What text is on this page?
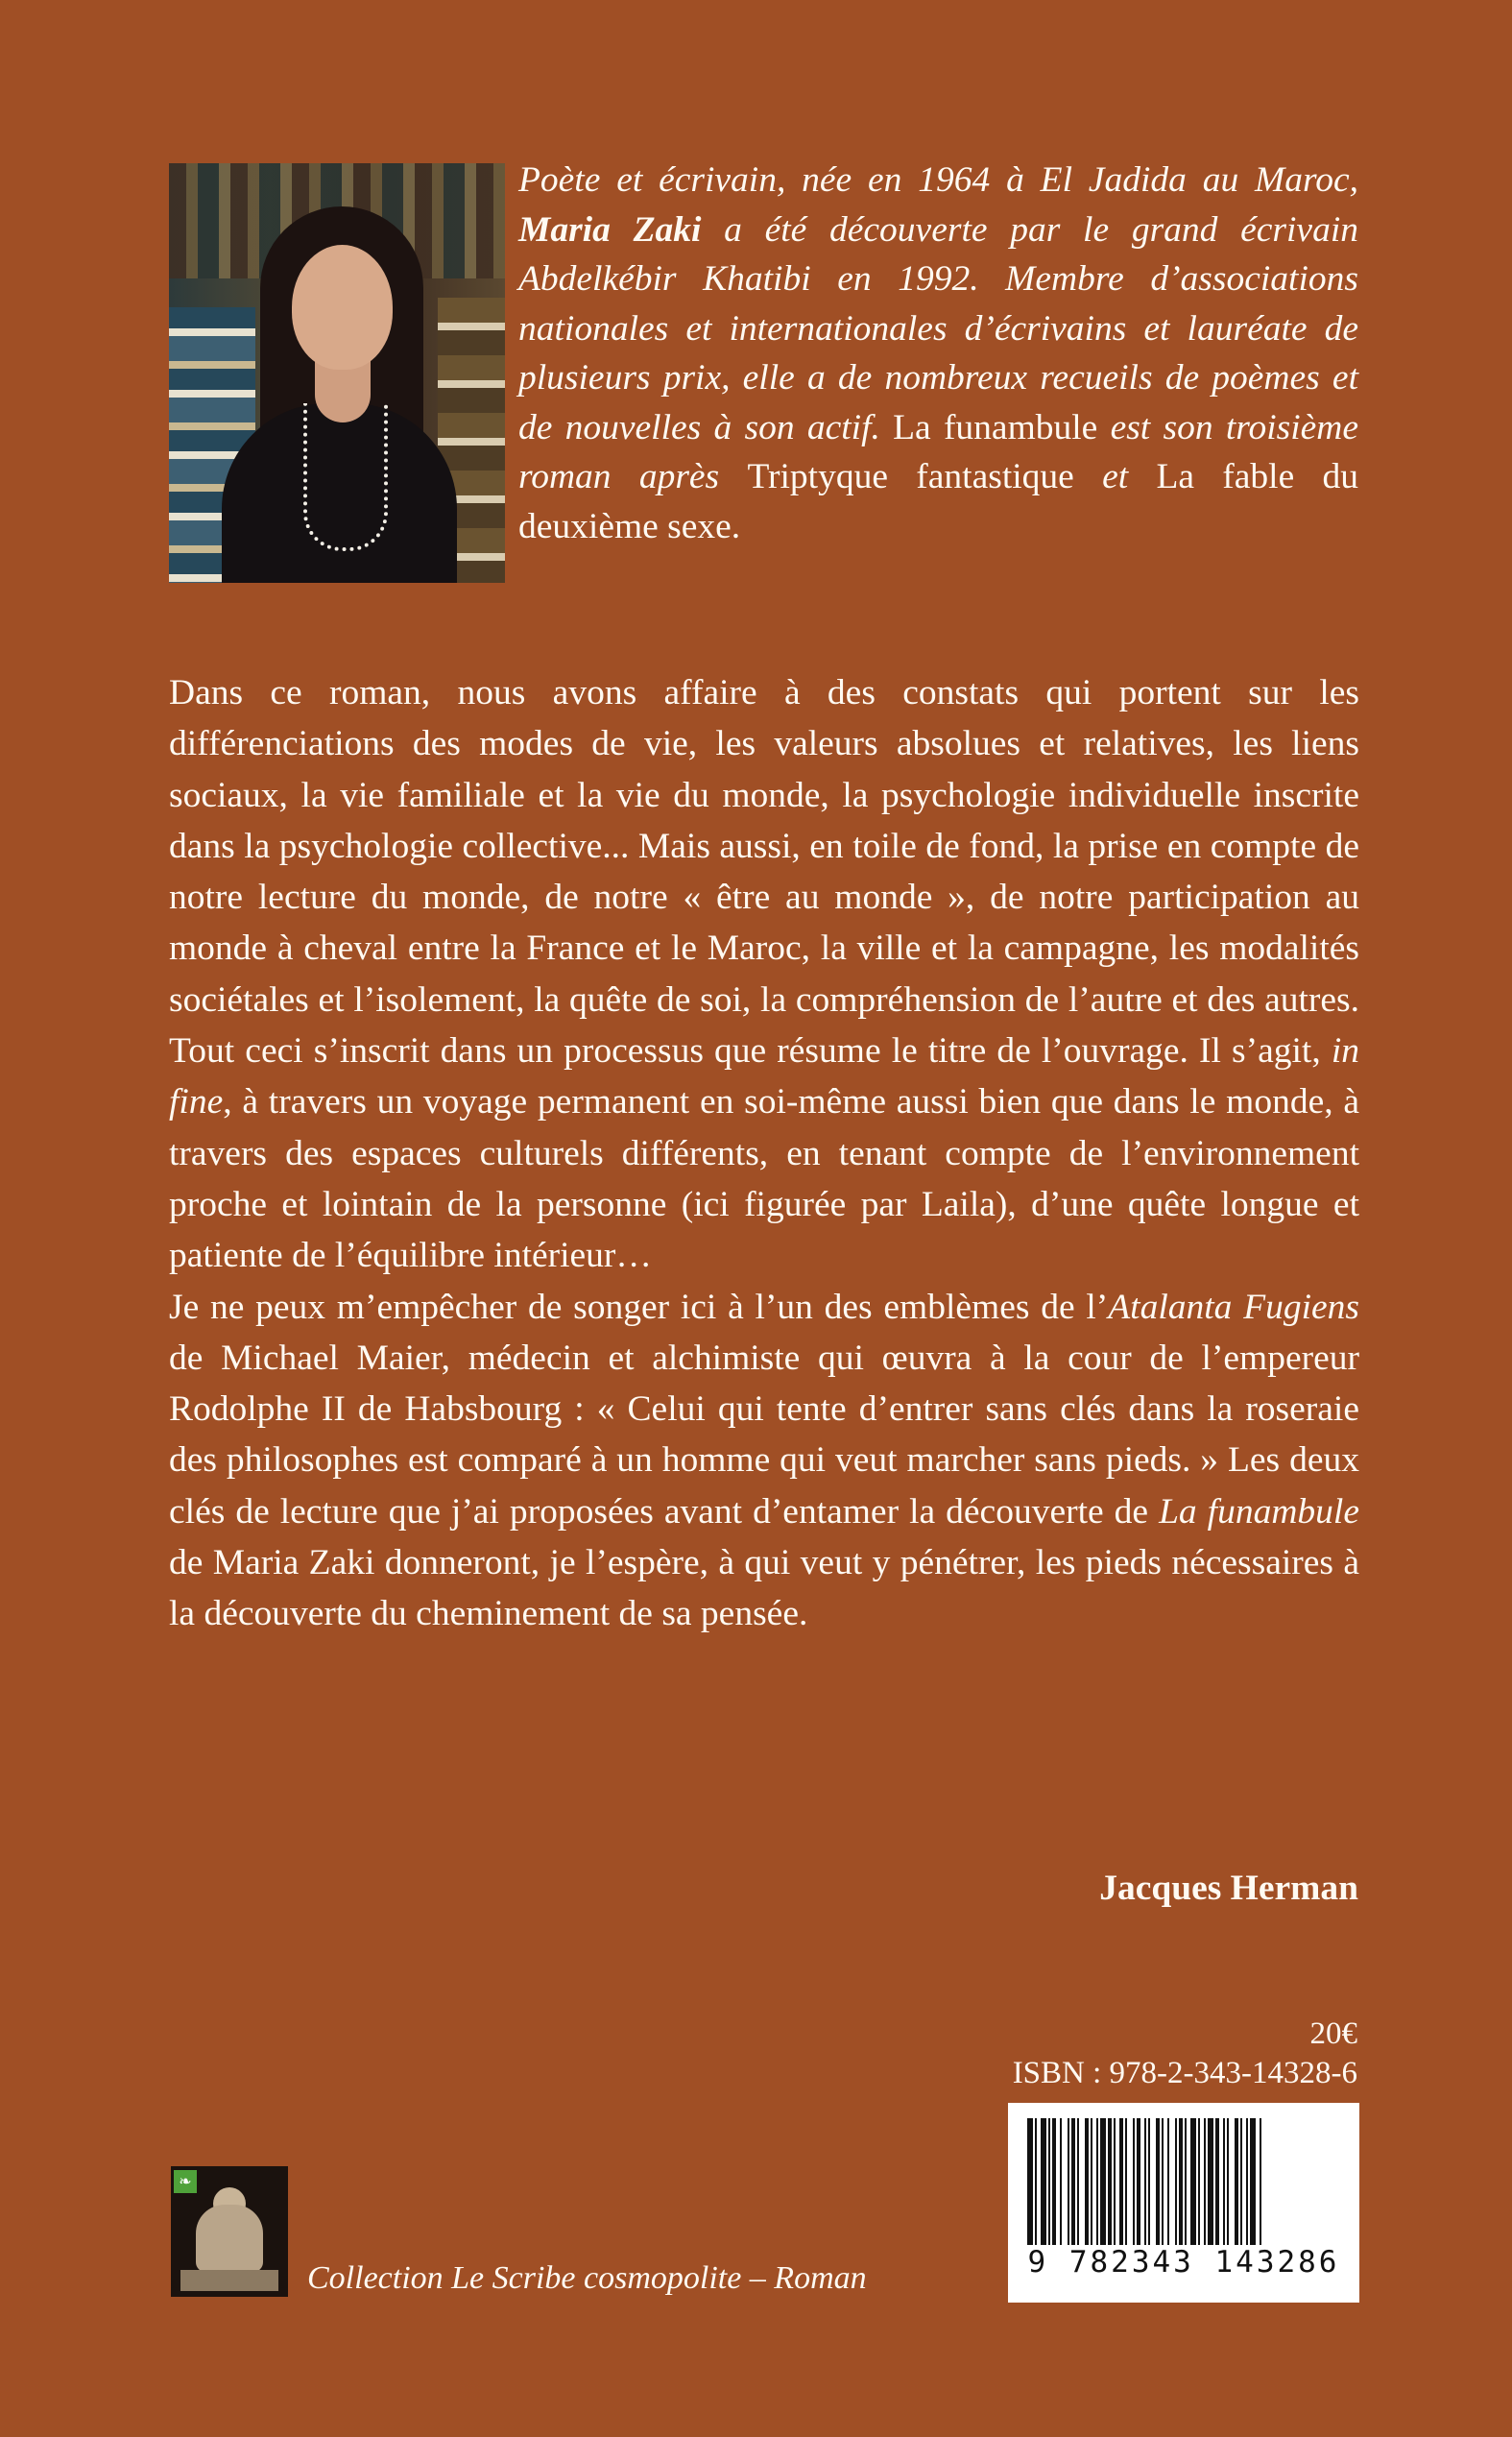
Poète et écrivain, née en 1964 à El Jadida au Maroc, Maria Zaki a été découverte par le grand écrivain Abdelkébir Khatibi en 1992. Membre d’associations nationales et internationales d’écrivains et lauréate de plusieurs prix, elle a de nombreux recueils de poèmes et de nouvelles à son actif. La funambule est son troisième roman après Triptyque fantastique et La fable du deuxième sexe.

Dans ce roman, nous avons affaire à des constats qui portent sur les différenciations des modes de vie, les valeurs absolues et relatives, les liens sociaux, la vie familiale et la vie du monde, la psychologie individuelle inscrite dans la psychologie collective... Mais aussi, en toile de fond, la prise en compte de notre lecture du monde, de notre « être au monde », de notre participation au monde à cheval entre la France et le Maroc, la ville et la campagne, les modalités sociétales et l’isolement, la quête de soi, la compréhension de l’autre et des autres. Tout ceci s’inscrit dans un processus que résume le titre de l’ouvrage. Il s’agit, in fine, à travers un voyage permanent en soi-même aussi bien que dans le monde, à travers des espaces culturels différents, en tenant compte de l’environnement proche et lointain de la personne (ici figurée par Laila), d’une quête longue et patiente de l’équilibre intérieur…

Je ne peux m’empêcher de songer ici à l’un des emblèmes de l’Atalanta Fugiens de Michael Maier, médecin et alchimiste qui œuvra à la cour de l’empereur Rodolphe II de Habsbourg : « Celui qui tente d’entrer sans clés dans la roseraie des philosophes est comparé à un homme qui veut marcher sans pieds. » Les deux clés de lecture que j’ai proposées avant d’entamer la découverte de La funambule de Maria Zaki donneront, je l’espère, à qui veut y pénétrer, les pieds nécessaires à la découverte du cheminement de sa pensée.

Jacques Herman
20€
ISBN : 978-2-343-14328-6
9 782343 143286
❧
Collection Le Scribe cosmopolite – Roman
